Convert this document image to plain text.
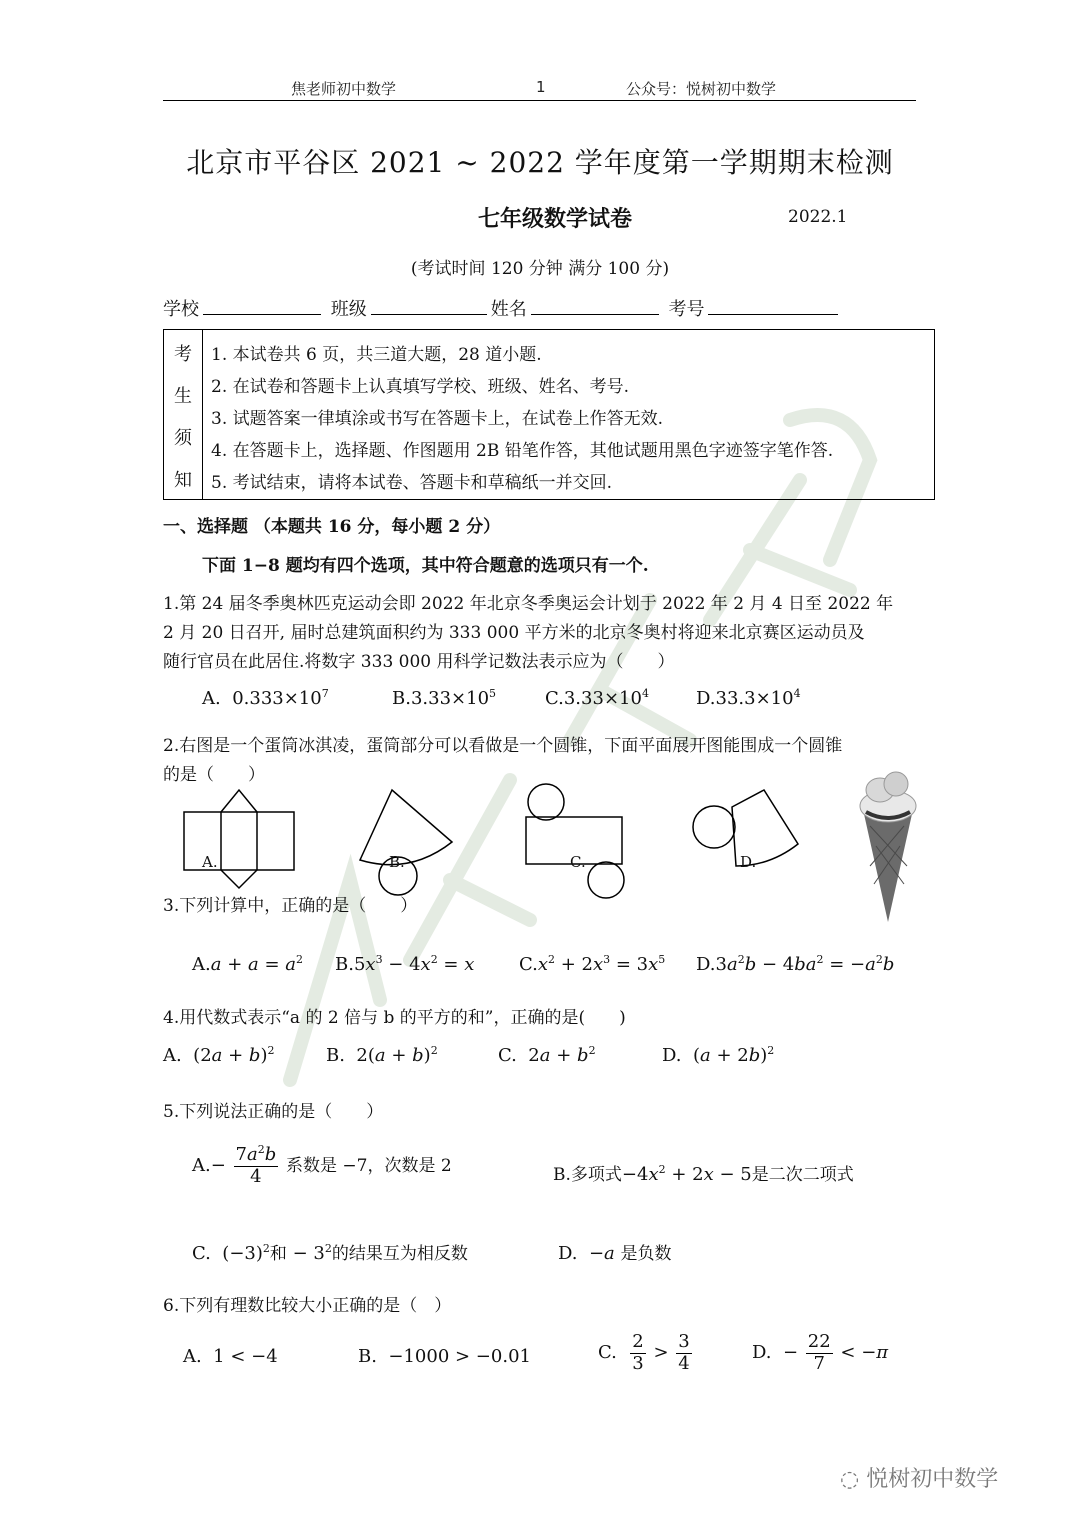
焦老师初中数学	1	公众号：悦树初中数学
北京市平谷区 2021 ~ 2022 学年度第一学期期末检测
七年级数学试卷	2022.1
(考试时间 120 分钟 满分 100 分)
学校	班级	姓名	考号
考
生
须
知
1. 本试卷共 6 页，共三道大题，28 道小题.
2. 在试卷和答题卡上认真填写学校、班级、姓名、考号.
3. 试题答案一律填涂或书写在答题卡上，在试卷上作答无效.
4. 在答题卡上，选择题、作图题用 2B 铅笔作答，其他试题用黑色字迹签字笔作答.
5. 考试结束，请将本试卷、答题卡和草稿纸一并交回.
一、选择题 （本题共 16 分，每小题 2 分）
下面 1−8 题均有四个选项，其中符合题意的选项只有一个.
1.第 24 届冬季奥林匹克运动会即 2022 年北京冬季奥运会计划于 2022 年 2 月 4 日至 2022 年
2 月 20 日召开, 届时总建筑面积约为 333 000 平方米的北京冬奥村将迎来北京赛区运动员及
随行官员在此居住.将数字 333 000 用科学记数法表示应为（　　）
A. $0.333\times 10^7$	$B.3.33\times 10^5$	$C.3.33\times 10^4$	$D.33.3\times 10^4$
2.右图是一个蛋筒冰淇凌，蛋筒部分可以看做是一个圆锥，下面平面展开图能围成一个圆锥
的是（　　）
A.	B.	C.	D.
3.下列计算中，正确的是（　　）
$A.a + a = a^2$ $B.5x^3 - 4x^2 = x$ $C.x^2 + 2x^3 = 3x^5$ $D.3a^2b - 4ba^2 = -a^2b$
4.用代数式表示“a 的 2 倍与 b 的平方的和”，正确的是(　　)
A.  $(2a + b)^2$	B.  $2(a + b)^2$	C.  $2a + b^2$	D.  $(a + 2b)^2$
5.下列说法正确的是（　　）
$A.- \frac{7a^2b}{4}$ 系数是 −7，次数是 2	B.多项式$-4x^2 + 2x - 5$是二次二项式
C.  $(-3)^2$和 − $3^2$的结果互为相反数	D.  −a 是负数
6.下列有理数比较大小正确的是（　）
A.  1 < −4	B.  −1000 > −0.01	C. $\frac{2}{3} > \frac{3}{4}$	D.  − $\frac{22}{7} < -\pi$
◌ 悦树初中数学
